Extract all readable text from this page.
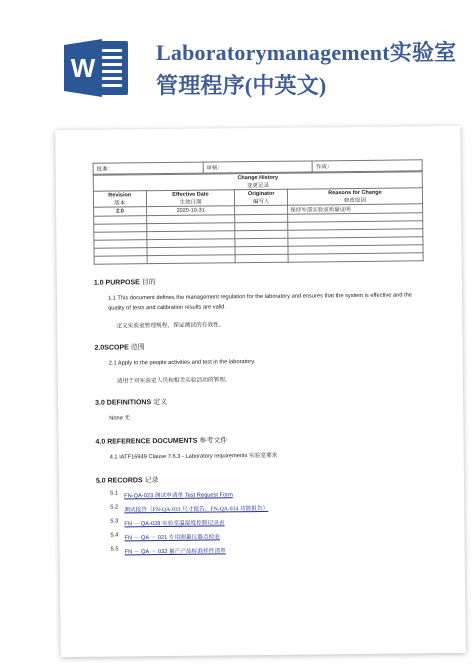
W
Laboratorymanagement实验室管理程序(中英文)
批准：	审核：	作成：
Change History			
变更记录			
Revision	Effective Date	Originator	Reasons for Change
版本	生效日期	编写人	修改原因
2.0	2020-10-31		保持外部实验室质量证明

1.0 PURPOSE 目的
1.1 This document defines the management regulation for the laboratory and ensures that the system is effective and the quality of tests and calibration results are valid.
定义实验室管理规程，保证测试的有效性。
2.0SCOPE 范围
2.1 Apply to the people activities and test in the laboratory.
适用于对实验室人员和相关实验活动的管理。
3.0 DEFINITIONS 定义
None 无
4.0 REFERENCE DOCUMENTS 参考文件
4.1 IATF16949 Clause 7.6.3 - Laboratory requirements 实验室要求
5.0 RECORDS 记录
5.1 FN-QA-023 测试申请单 Test Request Form
5.2 测试报告（FN-QA-033 尺寸报告、FN-QA-034 功能报告）
5.3 FN － QA-028 实验室温湿度控制记录表
5.4 FN － QA － 021 专用测量仪器点检表
5.5 FN － QA － 032 量产产品标准样件清单
